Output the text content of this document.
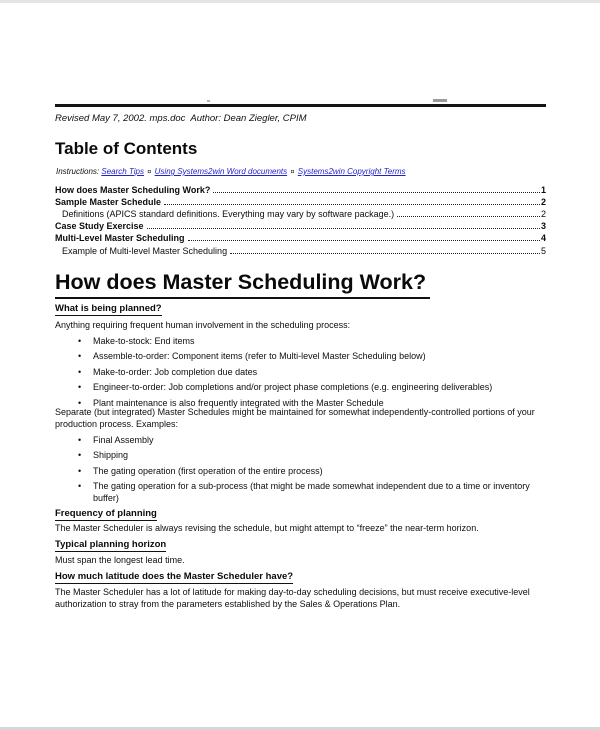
Revised May 7, 2002. mps.doc  Author: Dean Ziegler, CPIM
Table of Contents
Instructions: Search Tips ¤ Using Systems2win Word documents ¤ Systems2win Copyright Terms
How does Master Scheduling Work?	1
Sample Master Schedule	2
Definitions (APICS standard definitions. Everything may vary by software package.)	2
Case Study Exercise	3
Multi-Level Master Scheduling	4
Example of Multi-level Master Scheduling	5
How does Master Scheduling Work?
What is being planned?
Anything requiring frequent human involvement in the scheduling process:
•	Make-to-stock: End items
•	Assemble-to-order: Component items (refer to Multi-level Master Scheduling below)
•	Make-to-order: Job completion due dates
•	Engineer-to-order: Job completions and/or project phase completions (e.g. engineering deliverables)
•	Plant maintenance is also frequently integrated with the Master Schedule
Separate (but integrated) Master Schedules might be maintained for somewhat independently-controlled portions of your production process. Examples:
•	Final Assembly
•	Shipping
•	The gating operation (first operation of the entire process)
•	The gating operation for a sub-process (that might be made somewhat independent due to a time or inventory buffer)
Frequency of planning
The Master Scheduler is always revising the schedule, but might attempt to “freeze” the near-term horizon.
Typical planning horizon
Must span the longest lead time.
How much latitude does the Master Scheduler have?
The Master Scheduler has a lot of latitude for making day-to-day scheduling decisions, but must receive executive-level authorization to stray from the parameters established by the Sales & Operations Plan.
